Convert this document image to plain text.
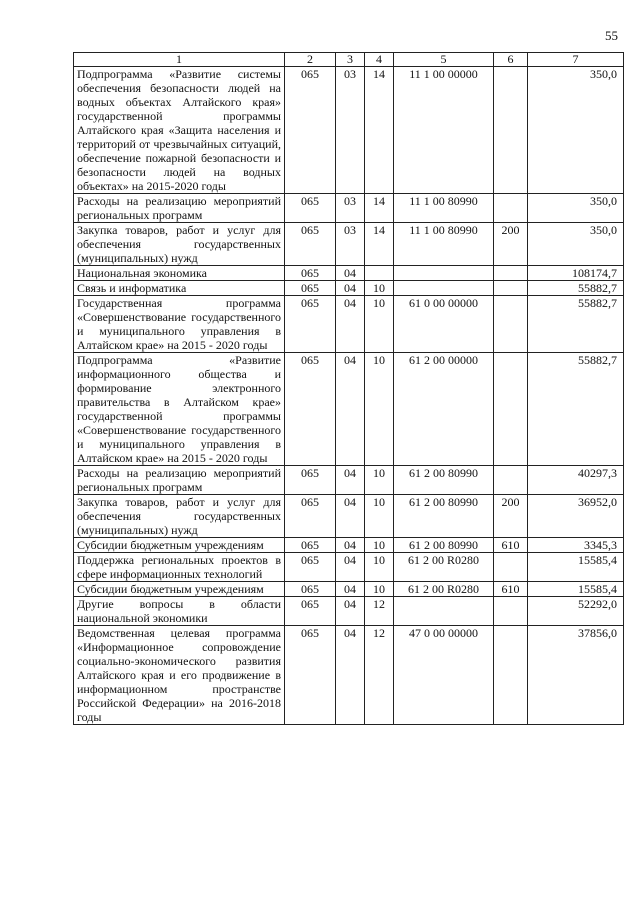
55
1	2	3	4	5	6	7
Подпрограмма «Развитие системы обеспечения безопасности людей на водных объектах Алтайского края» государственной программы Алтайского края «Защита населения и территорий от чрезвычайных ситуаций, обеспечение пожарной безопасности и безопасности людей на водных объектах» на 2015-2020 годы	065	03	14	11 1 00 00000		350,0
Расходы на реализацию мероприятий региональных программ	065	03	14	11 1 00 80990		350,0
Закупка товаров, работ и услуг для обеспечения государственных (муниципальных) нужд	065	03	14	11 1 00 80990	200	350,0
Национальная экономика	065	04				108174,7
Связь и информатика	065	04	10			55882,7
Государственная программа «Совершенствование государственного и муниципального управления в Алтайском крае» на 2015 - 2020 годы	065	04	10	61 0 00 00000		55882,7
Подпрограмма «Развитие информационного общества и формирование электронного правительства в Алтайском крае» государственной программы «Совершенствование государственного и муниципального управления в Алтайском крае» на 2015 - 2020 годы	065	04	10	61 2 00 00000		55882,7
Расходы на реализацию мероприятий региональных программ	065	04	10	61 2 00 80990		40297,3
Закупка товаров, работ и услуг для обеспечения государственных (муниципальных) нужд	065	04	10	61 2 00 80990	200	36952,0
Субсидии бюджетным учреждениям	065	04	10	61 2 00 80990	610	3345,3
Поддержка региональных проектов в сфере информационных технологий	065	04	10	61 2 00 R0280		15585,4
Субсидии бюджетным учреждениям	065	04	10	61 2 00 R0280	610	15585,4
Другие вопросы в области национальной экономики	065	04	12			52292,0
Ведомственная целевая программа «Информационное сопровождение социально-экономического развития Алтайского края и его продвижение в информационном пространстве Российской Федерации» на 2016-2018 годы	065	04	12	47 0 00 00000		37856,0
